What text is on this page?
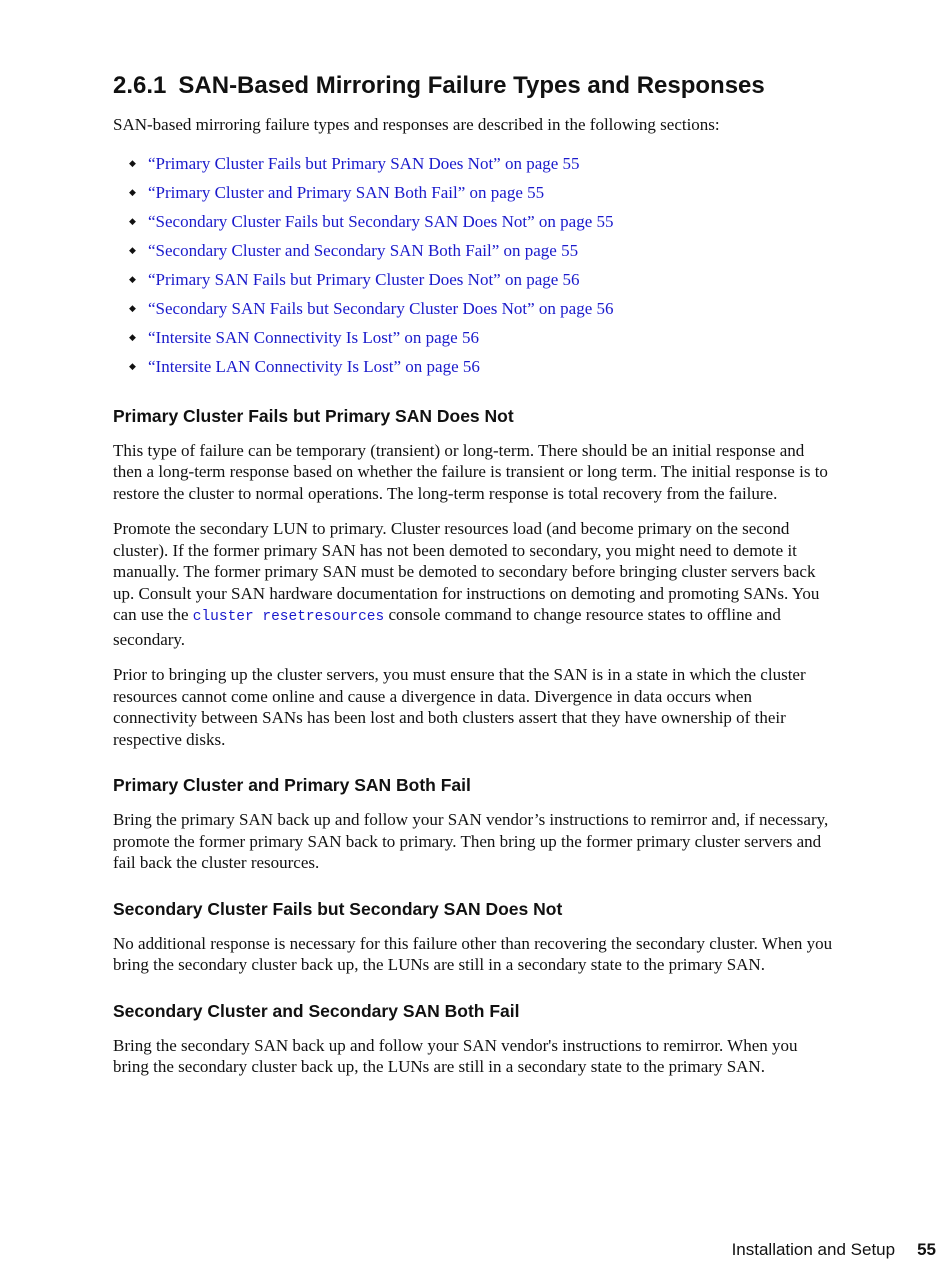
2.6.1 SAN-Based Mirroring Failure Types and Responses

SAN-based mirroring failure types and responses are described in the following sections:

◆ “Primary Cluster Fails but Primary SAN Does Not” on page 55
◆ “Primary Cluster and Primary SAN Both Fail” on page 55
◆ “Secondary Cluster Fails but Secondary SAN Does Not” on page 55
◆ “Secondary Cluster and Secondary SAN Both Fail” on page 55
◆ “Primary SAN Fails but Primary Cluster Does Not” on page 56
◆ “Secondary SAN Fails but Secondary Cluster Does Not” on page 56
◆ “Intersite SAN Connectivity Is Lost” on page 56
◆ “Intersite LAN Connectivity Is Lost” on page 56
Primary Cluster Fails but Primary SAN Does Not

This type of failure can be temporary (transient) or long-term. There should be an initial response and then a long-term response based on whether the failure is transient or long term. The initial response is to restore the cluster to normal operations. The long-term response is total recovery from the failure.

Promote the secondary LUN to primary. Cluster resources load (and become primary on the second cluster). If the former primary SAN has not been demoted to secondary, you might need to demote it manually. The former primary SAN must be demoted to secondary before bringing cluster servers back up. Consult your SAN hardware documentation for instructions on demoting and promoting SANs. You can use the cluster resetresources console command to change resource states to offline and secondary.

Prior to bringing up the cluster servers, you must ensure that the SAN is in a state in which the cluster resources cannot come online and cause a divergence in data. Divergence in data occurs when connectivity between SANs has been lost and both clusters assert that they have ownership of their respective disks.

Primary Cluster and Primary SAN Both Fail

Bring the primary SAN back up and follow your SAN vendor’s instructions to remirror and, if necessary, promote the former primary SAN back to primary. Then bring up the former primary cluster servers and fail back the cluster resources.

Secondary Cluster Fails but Secondary SAN Does Not

No additional response is necessary for this failure other than recovering the secondary cluster. When you bring the secondary cluster back up, the LUNs are still in a secondary state to the primary SAN.

Secondary Cluster and Secondary SAN Both Fail

Bring the secondary SAN back up and follow your SAN vendor's instructions to remirror. When you bring the secondary cluster back up, the LUNs are still in a secondary state to the primary SAN.

Installation and Setup 55
